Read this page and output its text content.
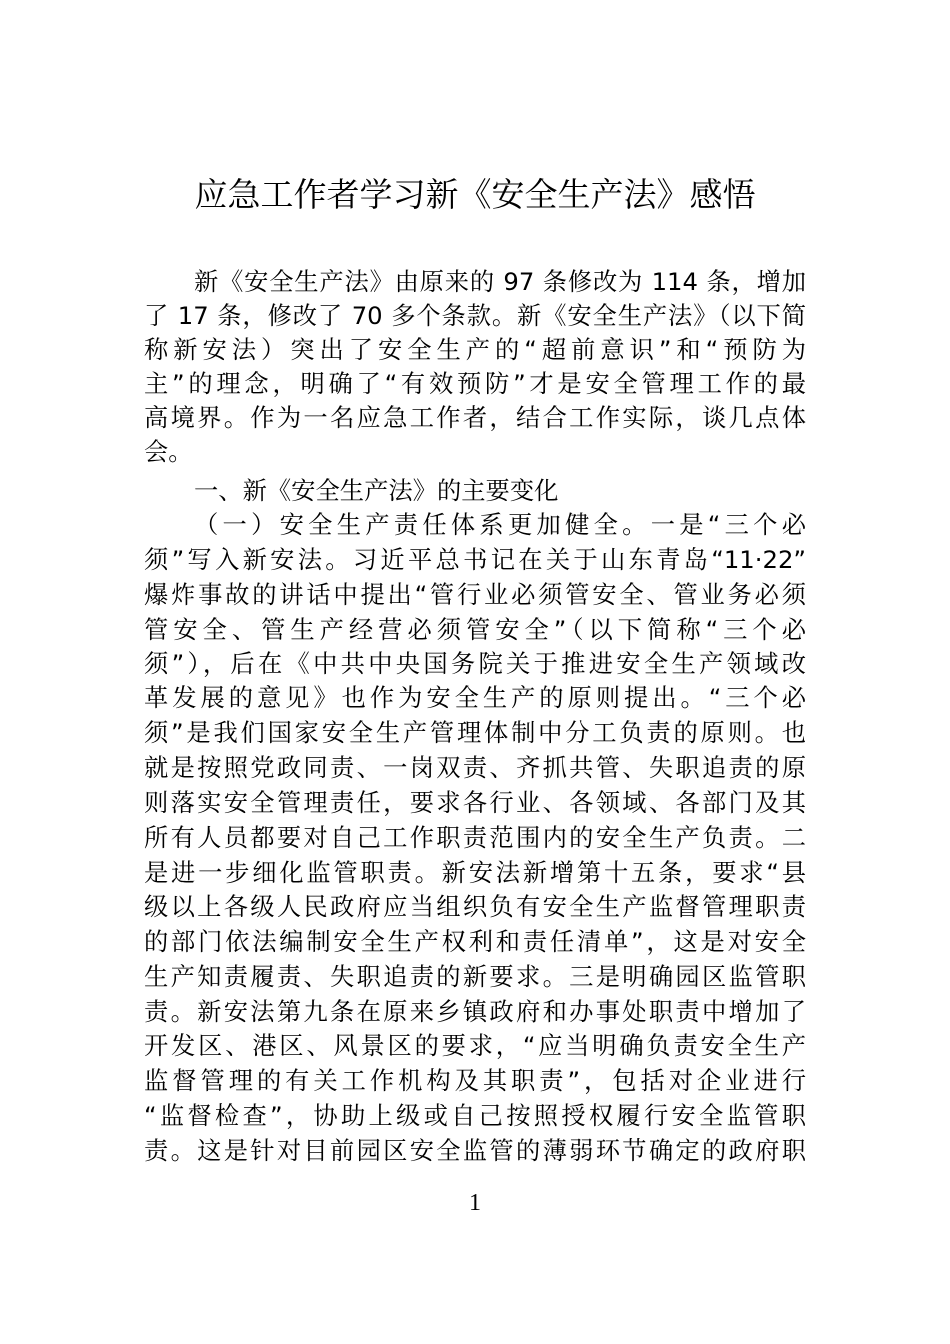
应急工作者学习新《安全生产法》感悟
新《安全生产法》由原来的 97 条修改为 114 条，增加
了 17 条，修改了 70 多个条款。新《安全生产法》（以下简
称新安法）突出了安全生产的“超前意识”和“预防为
主”的理念，明确了“有效预防”才是安全管理工作的最
高境界。作为一名应急工作者，结合工作实际，谈几点体
会。
一、新《安全生产法》的主要变化
（一）安全生产责任体系更加健全。一是“三个必
须”写入新安法。习近平总书记在关于山东青岛“11·22”
爆炸事故的讲话中提出“管行业必须管安全、管业务必须
管安全、管生产经营必须管安全”（以下简称“三个必
须”），后在《中共中央国务院关于推进安全生产领域改
革发展的意见》也作为安全生产的原则提出。“三个必
须”是我们国家安全生产管理体制中分工负责的原则。也
就是按照党政同责、一岗双责、齐抓共管、失职追责的原
则落实安全管理责任，要求各行业、各领域、各部门及其
所有人员都要对自己工作职责范围内的安全生产负责。二
是进一步细化监管职责。新安法新增第十五条，要求“县
级以上各级人民政府应当组织负有安全生产监督管理职责
的部门依法编制安全生产权利和责任清单”，这是对安全
生产知责履责、失职追责的新要求。三是明确园区监管职
责。新安法第九条在原来乡镇政府和办事处职责中增加了
开发区、港区、风景区的要求，“应当明确负责安全生产
监督管理的有关工作机构及其职责”，包括对企业进行
“监督检查”，协助上级或自己按照授权履行安全监管职
责。这是针对目前园区安全监管的薄弱环节确定的政府职
1
